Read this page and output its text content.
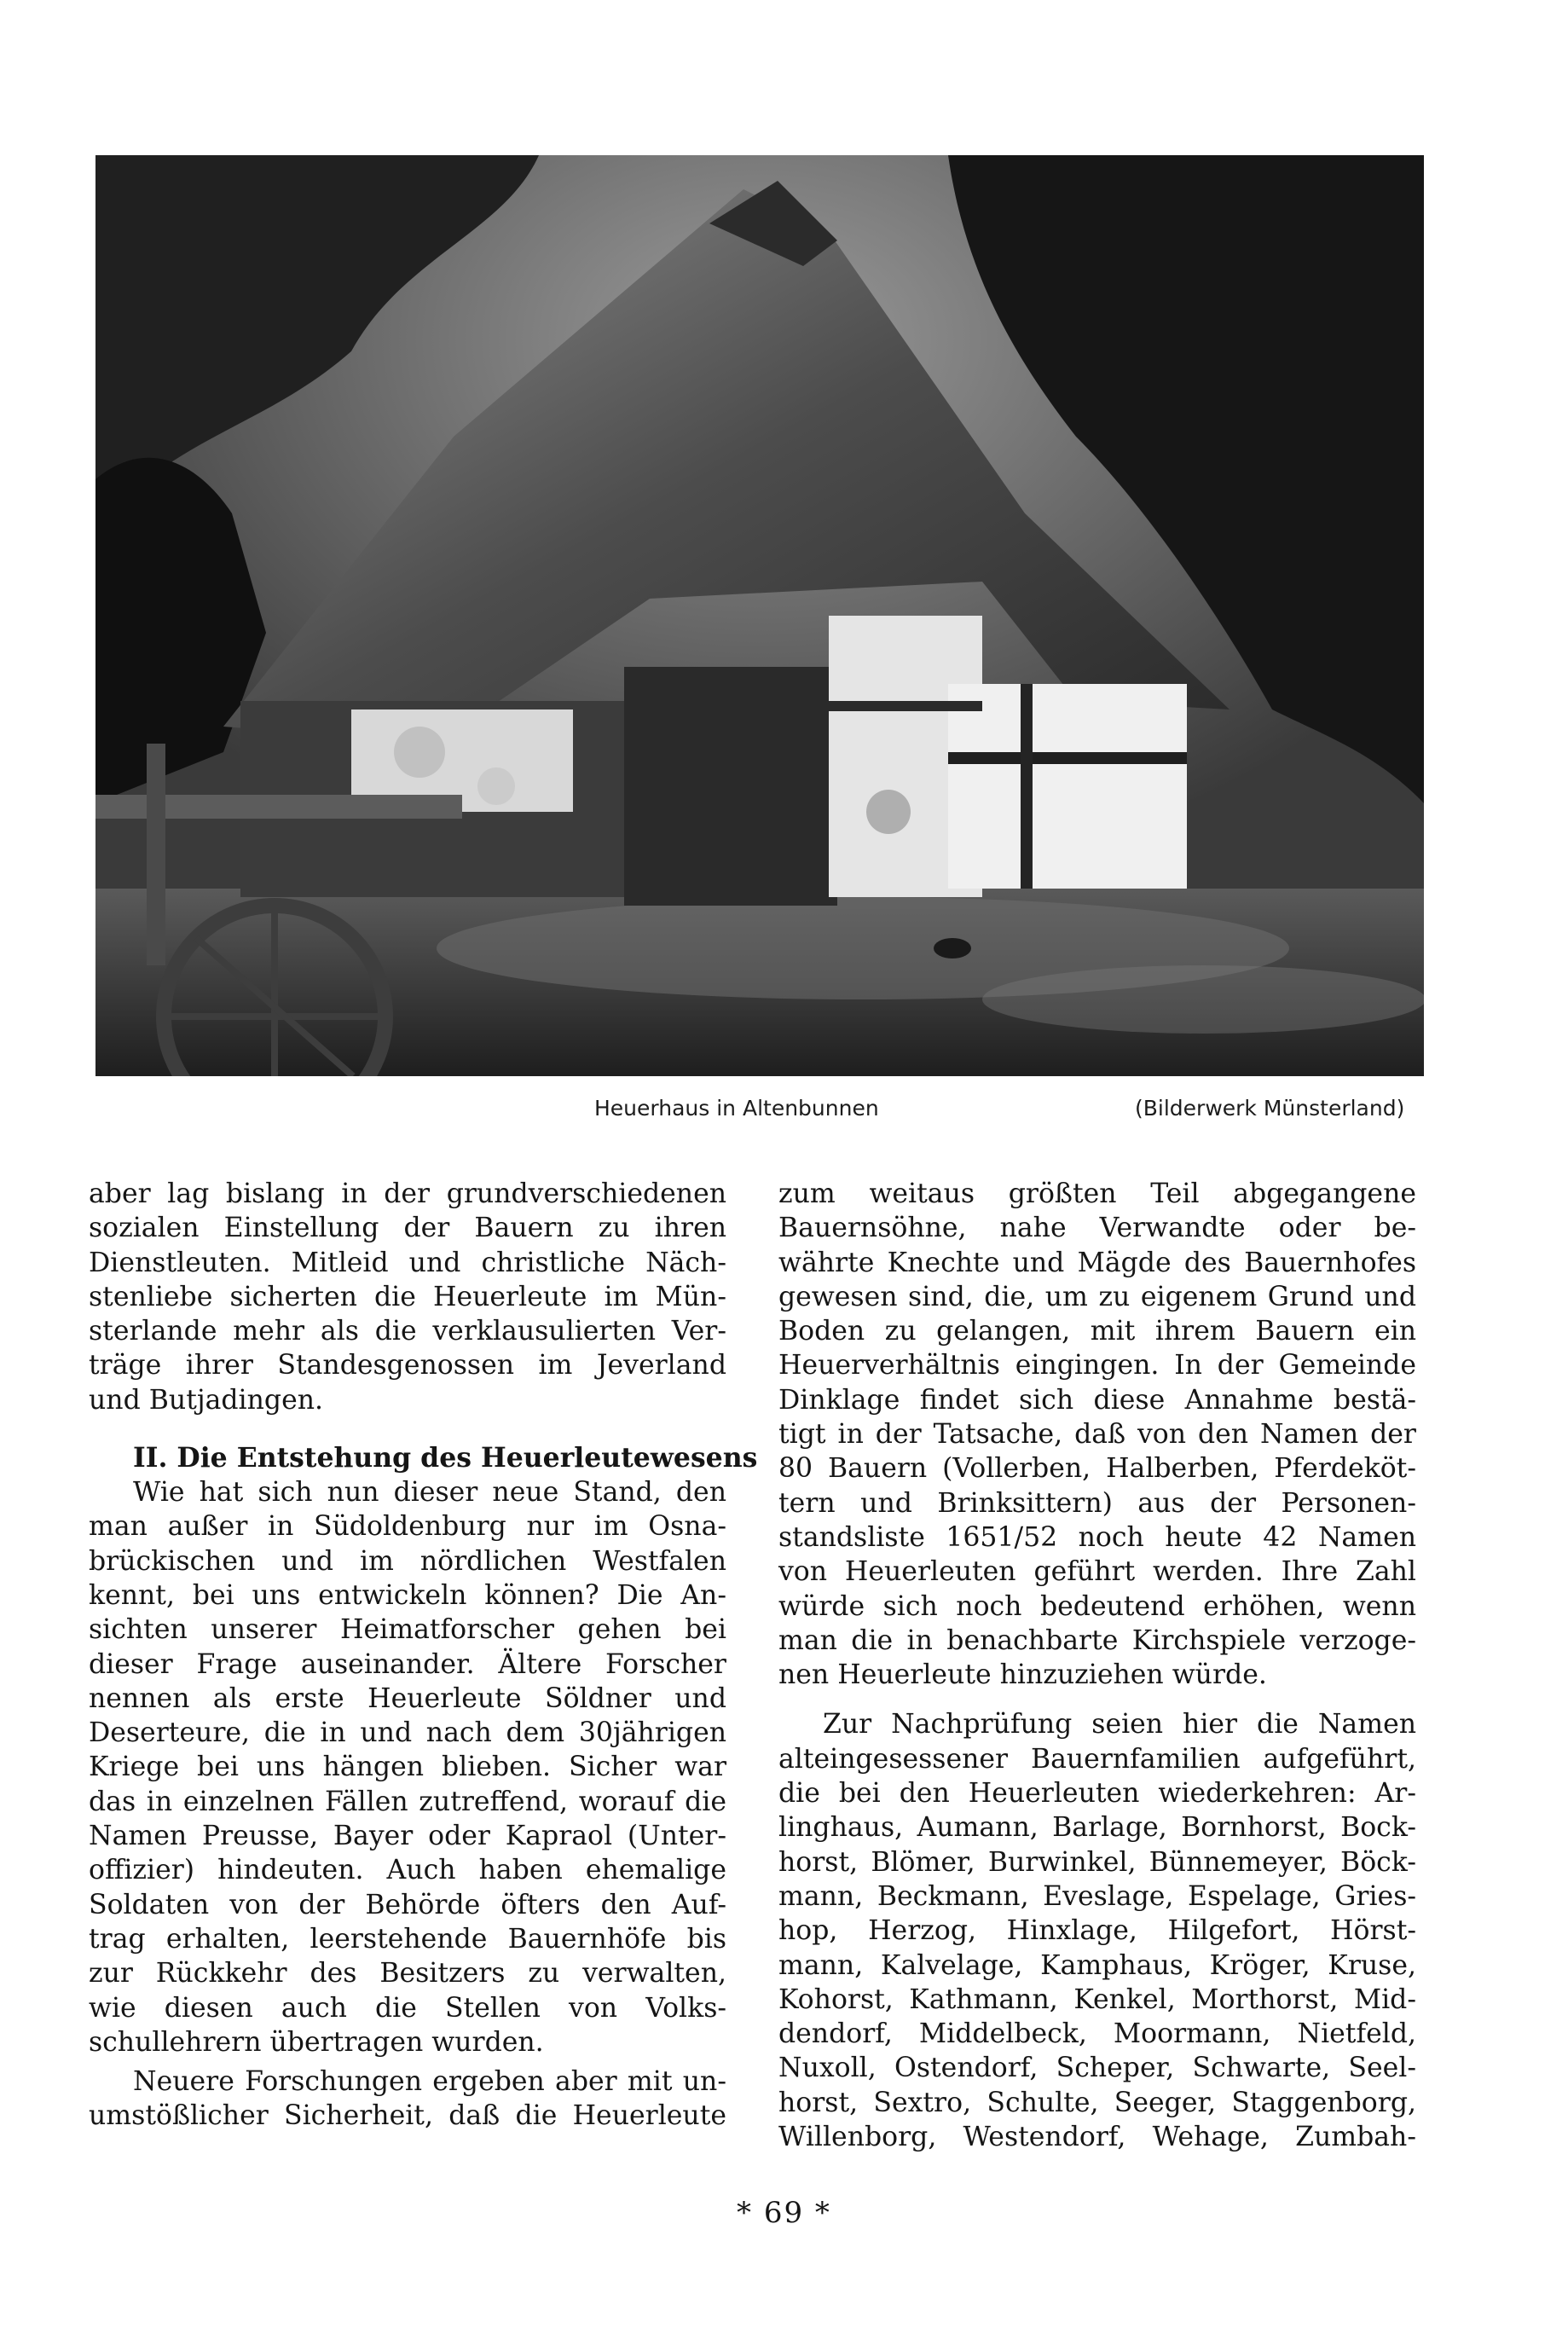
Heuerhaus in Altenbunnen	(Bilderwerk Münsterland)

aber lag bislang in der grundverschiedenen

sozialen Einstellung der Bauern zu ihren

Dienstleuten. Mitleid und christliche Näch-

stenliebe sicherten die Heuerleute im Mün-

sterlande mehr als die verklausulierten Ver-

träge ihrer Standesgenossen im Jeverland

und Butjadingen.

II. Die Entstehung des Heuerleutewesens

Wie hat sich nun dieser neue Stand, den

man außer in Südoldenburg nur im Osna-

brückischen und im nördlichen Westfalen

kennt, bei uns entwickeln können? Die An-

sichten unserer Heimatforscher gehen bei

dieser Frage auseinander. Ältere Forscher

nennen als erste Heuerleute Söldner und

Deserteure, die in und nach dem 30jährigen

Kriege bei uns hängen blieben. Sicher war

das in einzelnen Fällen zutreffend, worauf die

Namen Preusse, Bayer oder Kapraol (Unter-

offizier) hindeuten. Auch haben ehemalige

Soldaten von der Behörde öfters den Auf-

trag erhalten, leerstehende Bauernhöfe bis

zur Rückkehr des Besitzers zu verwalten,

wie diesen auch die Stellen von Volks-

schullehrern übertragen wurden.

Neuere Forschungen ergeben aber mit un-

umstößlicher Sicherheit, daß die Heuerleute

zum weitaus größten Teil abgegangene

Bauernsöhne, nahe Verwandte oder be-

währte Knechte und Mägde des Bauernhofes

gewesen sind, die, um zu eigenem Grund und

Boden zu gelangen, mit ihrem Bauern ein

Heuerverhältnis eingingen. In der Gemeinde

Dinklage findet sich diese Annahme bestä-

tigt in der Tatsache, daß von den Namen der

80 Bauern (Vollerben, Halberben, Pferdeköt-

tern und Brinksittern) aus der Personen-

standsliste 1651/52 noch heute 42 Namen

von Heuerleuten geführt werden. Ihre Zahl

würde sich noch bedeutend erhöhen, wenn

man die in benachbarte Kirchspiele verzoge-

nen Heuerleute hinzuziehen würde.

Zur Nachprüfung seien hier die Namen

alteingesessener Bauernfamilien aufgeführt,

die bei den Heuerleuten wiederkehren: Ar-

linghaus, Aumann, Barlage, Bornhorst, Bock-

horst, Blömer, Burwinkel, Bünnemeyer, Böck-

mann, Beckmann, Eveslage, Espelage, Gries-

hop, Herzog, Hinxlage, Hilgefort, Hörst-

mann, Kalvelage, Kamphaus, Kröger, Kruse,

Kohorst, Kathmann, Kenkel, Morthorst, Mid-

dendorf, Middelbeck, Moormann, Nietfeld,

Nuxoll, Ostendorf, Scheper, Schwarte, Seel-

horst, Sextro, Schulte, Seeger, Staggenborg,

Willenborg, Westendorf, Wehage, Zumbah-

* 69 *
